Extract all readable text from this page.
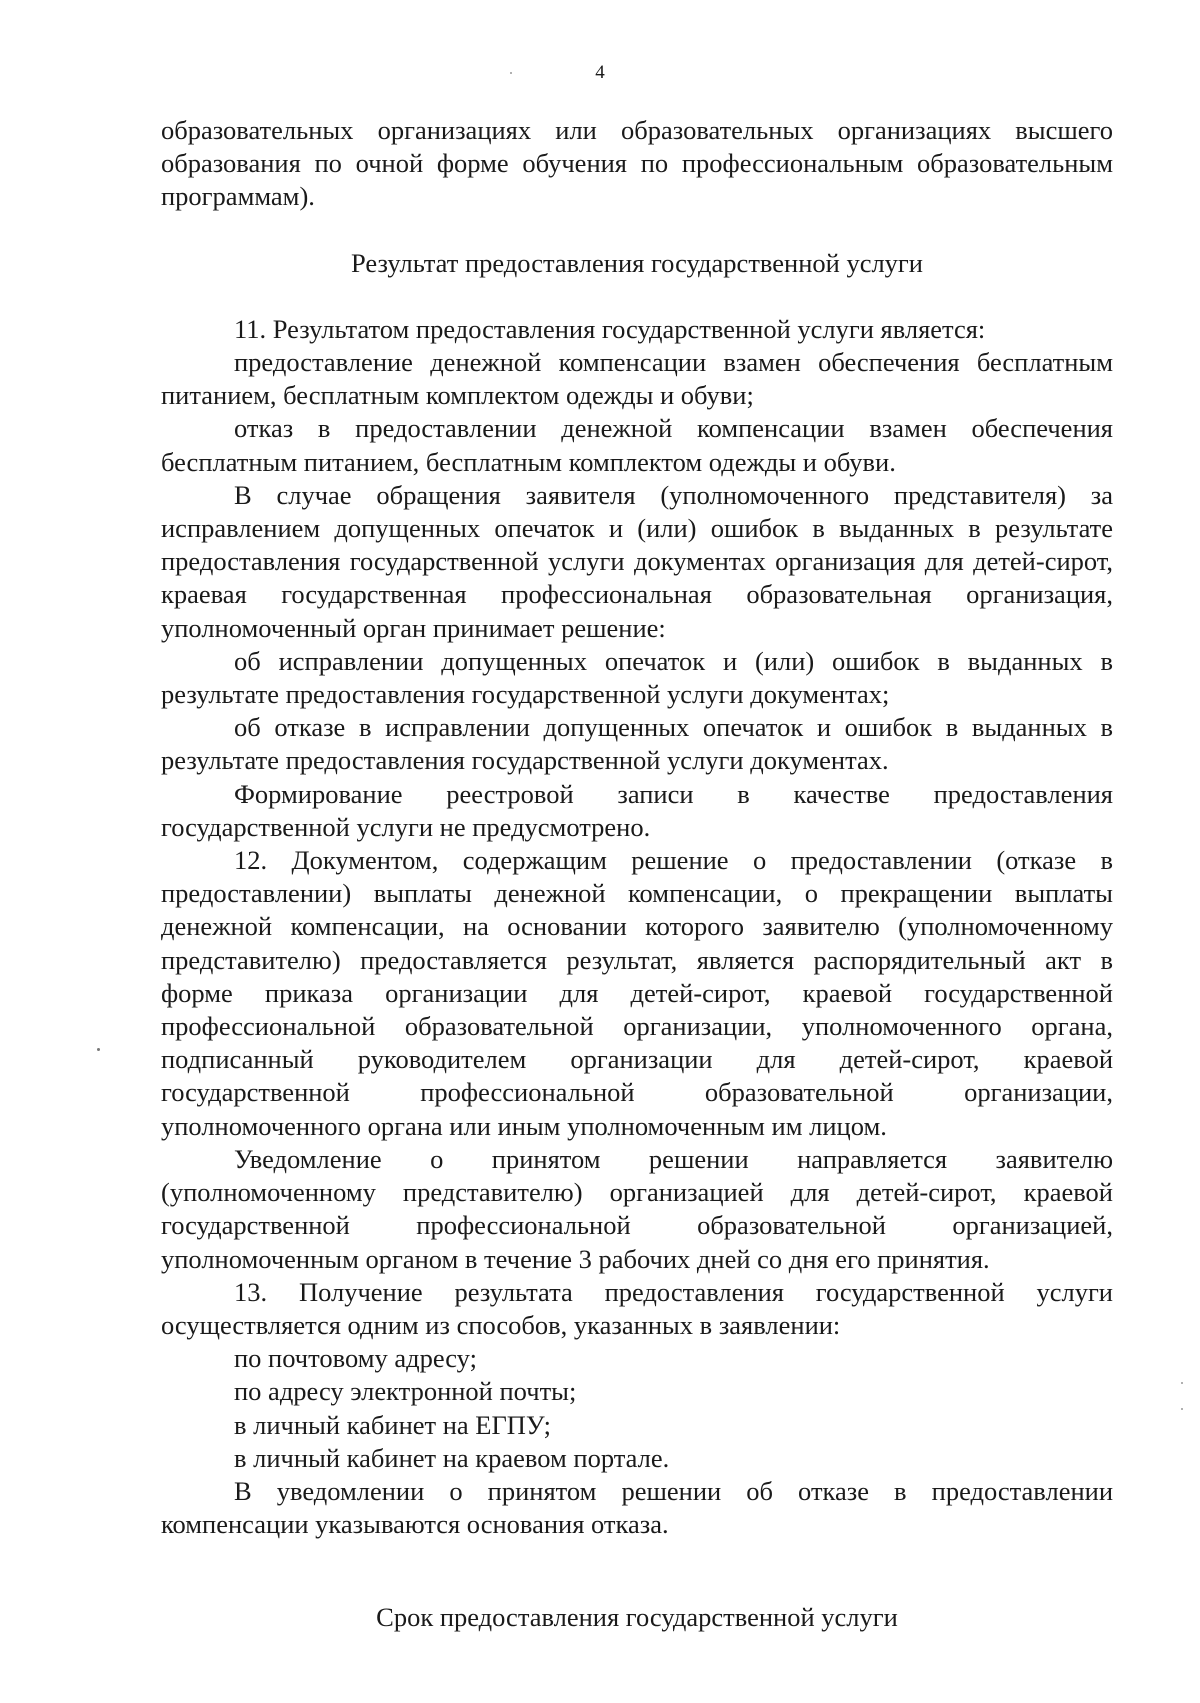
4

образовательных организациях или образовательных организациях высшего образования по очной форме обучения по профессиональным образовательным программам).

Результат предоставления государственной услуги

11. Результатом предоставления государственной услуги является:

предоставление денежной компенсации взамен обеспечения бесплатным питанием, бесплатным комплектом одежды и обуви;

отказ в предоставлении денежной компенсации взамен обеспечения бесплатным питанием, бесплатным комплектом одежды и обуви.

В случае обращения заявителя (уполномоченного представителя) за исправлением допущенных опечаток и (или) ошибок в выданных в результате предоставления государственной услуги документах организация для детей-сирот, краевая государственная профессиональная образовательная организация, уполномоченный орган принимает решение:

об исправлении допущенных опечаток и (или) ошибок в выданных в результате предоставления государственной услуги документах;

об отказе в исправлении допущенных опечаток и ошибок в выданных в результате предоставления государственной услуги документах.

Формирование реестровой записи в качестве предоставления государственной услуги не предусмотрено.

12. Документом, содержащим решение о предоставлении (отказе в предоставлении) выплаты денежной компенсации, о прекращении выплаты денежной компенсации, на основании которого заявителю (уполномоченному представителю) предоставляется результат, является распорядительный акт в форме приказа организации для детей-сирот, краевой государственной профессиональной образовательной организации, уполномоченного органа, подписанный руководителем организации для детей-сирот, краевой государственной профессиональной образовательной организации, уполномоченного органа или иным уполномоченным им лицом.

Уведомление о принятом решении направляется заявителю (уполномоченному представителю) организацией для детей-сирот, краевой государственной профессиональной образовательной организацией, уполномоченным органом в течение 3 рабочих дней со дня его принятия.

13. Получение результата предоставления государственной услуги осуществляется одним из способов, указанных в заявлении:

по почтовому адресу;

по адресу электронной почты;

в личный кабинет на ЕГПУ;

в личный кабинет на краевом портале.

В уведомлении о принятом решении об отказе в предоставлении компенсации указываются основания отказа.

Срок предоставления государственной услуги
